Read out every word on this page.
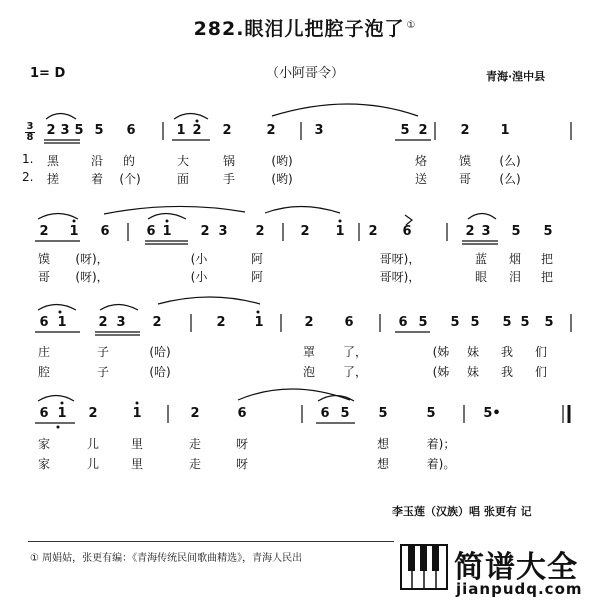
282.眼泪儿把腔子泡了 ①
1= D	（小阿哥令）	青海·湟中县
3
8 2 3 5 5	6	1 2	2	2	3	5 2	2	1
1.	黑	沿	的	大	锅	(哟)	烙	馍	(么)
2.	搓	着	(个)	面	手	(哟)	送	哥	(么)
2	1	6	6 1	2 3	2	2	1	2	6	2 3	5	5
馍	(呀)，	(小	阿	哥呀)，	蓝	烟	把
哥	(呀)，	(小	阿	哥呀)，	眼	泪	把
6 1	2 3	2	2	1	2	6	6 5	5 5	5 5	5
庄	子	(哈)	罩	了，	(姊	妹	我	们
腔	子	(哈)	泡	了，	(姊	妹	我	们
6 1	2	1	2	6	6 5	5	5	5•
家	儿	里	走	呀	想	着)；
家	儿	里	走	呀	想	着)。
李玉莲（汉族）唱 张更有 记
① 周娟姑，张更有编：《青海传统民间歌曲精选》，青海人民出	简谱大全
jianpudq.com
